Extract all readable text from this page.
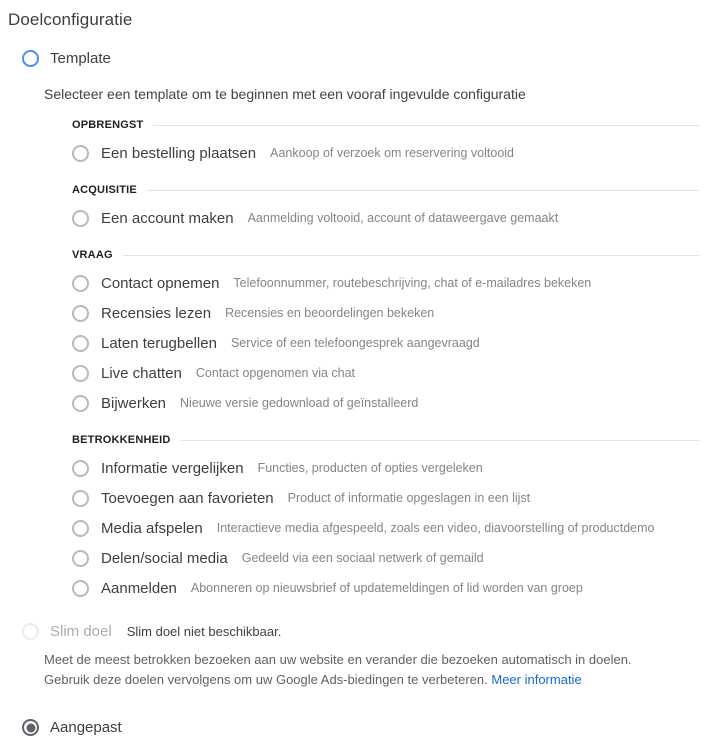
Doelconfiguratie
Template
Selecteer een template om te beginnen met een vooraf ingevulde configuratie
OPBRENGST
Een bestelling plaatsen Aankoop of verzoek om reservering voltooid
ACQUISITIE
Een account maken Aanmelding voltooid, account of dataweergave gemaakt
VRAAG
Contact opnemen Telefoonnummer, routebeschrijving, chat of e-mailadres bekeken
Recensies lezen Recensies en beoordelingen bekeken
Laten terugbellen Service of een telefoongesprek aangevraagd
Live chatten Contact opgenomen via chat
Bijwerken Nieuwe versie gedownload of geïnstalleerd
BETROKKENHEID
Informatie vergelijken Functies, producten of opties vergeleken
Toevoegen aan favorieten Product of informatie opgeslagen in een lijst
Media afspelen Interactieve media afgespeeld, zoals een video, diavoorstelling of productdemo
Delen/social media Gedeeld via een sociaal netwerk of gemaild
Aanmelden Abonneren op nieuwsbrief of updatemeldingen of lid worden van groep
Slim doel Slim doel niet beschikbaar.
Meet de meest betrokken bezoeken aan uw website en verander die bezoeken automatisch in doelen. Gebruik deze doelen vervolgens om uw Google Ads-biedingen te verbeteren. Meer informatie
Aangepast
